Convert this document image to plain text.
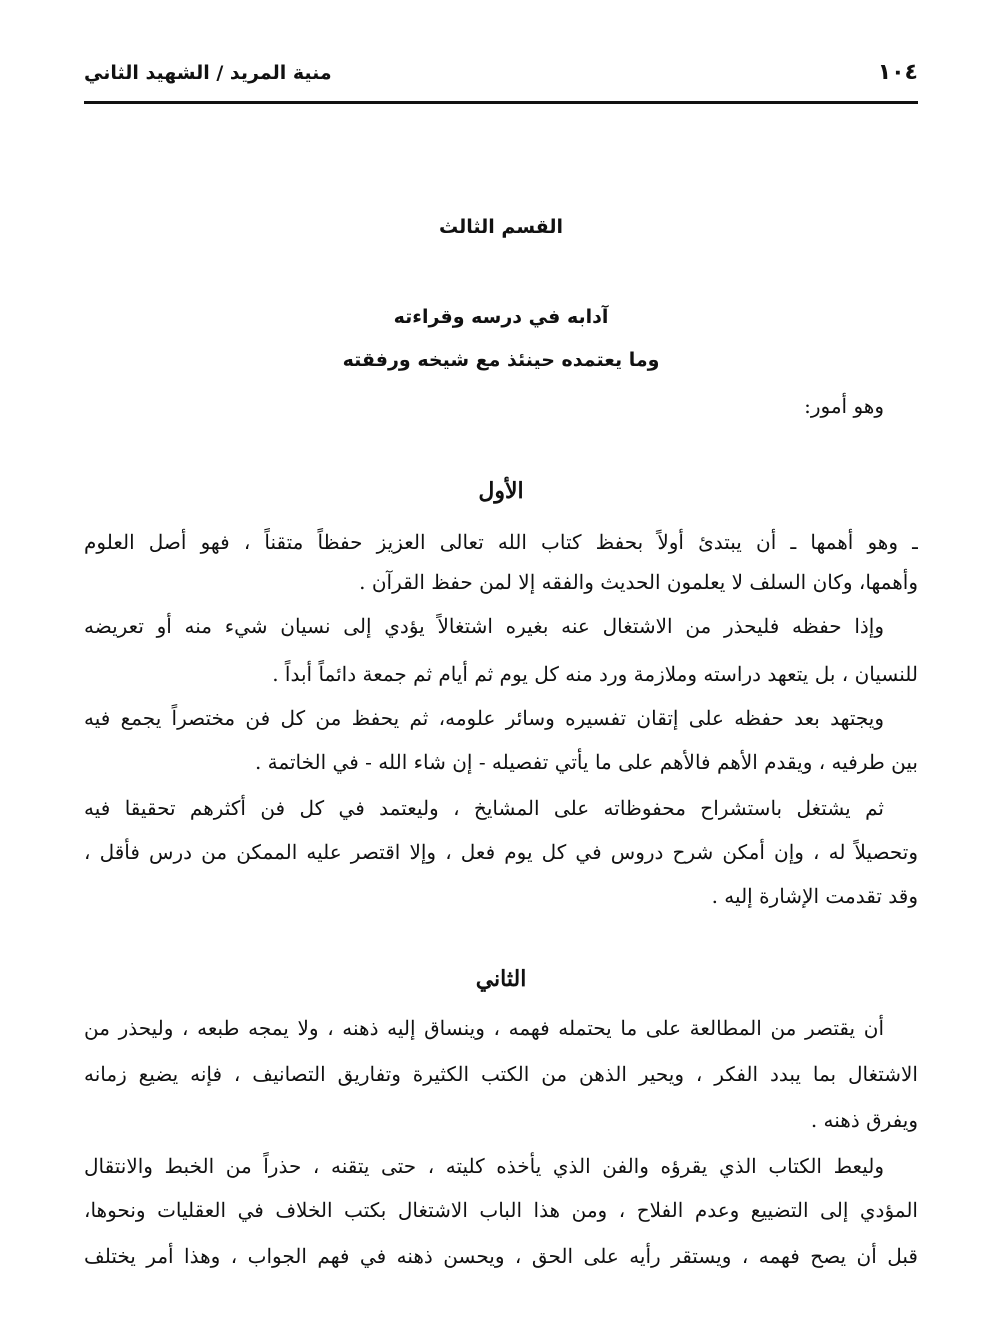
١٠٤
منية المريد / الشهيد الثاني
القسم الثالث
آدابه في درسه وقراءته
وما يعتمده حينئذ مع شيخه ورفقته
وهو أمور:
الأول
ـ وهو أهمها ـ أن يبتدئ أولاً بحفظ كتاب الله تعالى العزيز حفظاً متقناً ، فهو أصل العلوم
وأهمها، وكان السلف لا يعلمون الحديث والفقه إلا لمن حفظ القرآن .
وإذا حفظه فليحذر من الاشتغال عنه بغيره اشتغالاً يؤدي إلى نسيان شيء منه أو تعريضه
للنسيان ، بل يتعهد دراسته وملازمة ورد منه كل يوم ثم أيام ثم جمعة دائماً أبداً .
ويجتهد بعد حفظه على إتقان تفسيره وسائر علومه، ثم يحفظ من كل فن مختصراً يجمع فيه
بين طرفيه ، ويقدم الأهم فالأهم على ما يأتي تفصيله - إن شاء الله - في الخاتمة .
ثم يشتغل باستشراح محفوظاته على المشايخ ، وليعتمد في كل فن أكثرهم تحقيقا فيه
وتحصيلاً له ، وإن أمكن شرح دروس في كل يوم فعل ، وإلا اقتصر عليه الممكن من درس فأقل ،
وقد تقدمت الإشارة إليه .
الثاني
أن يقتصر من المطالعة على ما يحتمله فهمه ، وينساق إليه ذهنه ، ولا يمجه طبعه ، وليحذر من
الاشتغال بما يبدد الفكر ، ويحير الذهن من الكتب الكثيرة وتفاريق التصانيف ، فإنه يضيع زمانه
ويفرق ذهنه .
وليعط الكتاب الذي يقرؤه والفن الذي يأخذه كليته ، حتى يتقنه ، حذراً من الخبط والانتقال
المؤدي إلى التضييع وعدم الفلاح ، ومن هذا الباب الاشتغال بكتب الخلاف في العقليات ونحوها،
قبل أن يصح فهمه ، ويستقر رأيه على الحق ، ويحسن ذهنه في فهم الجواب ، وهذا أمر يختلف
